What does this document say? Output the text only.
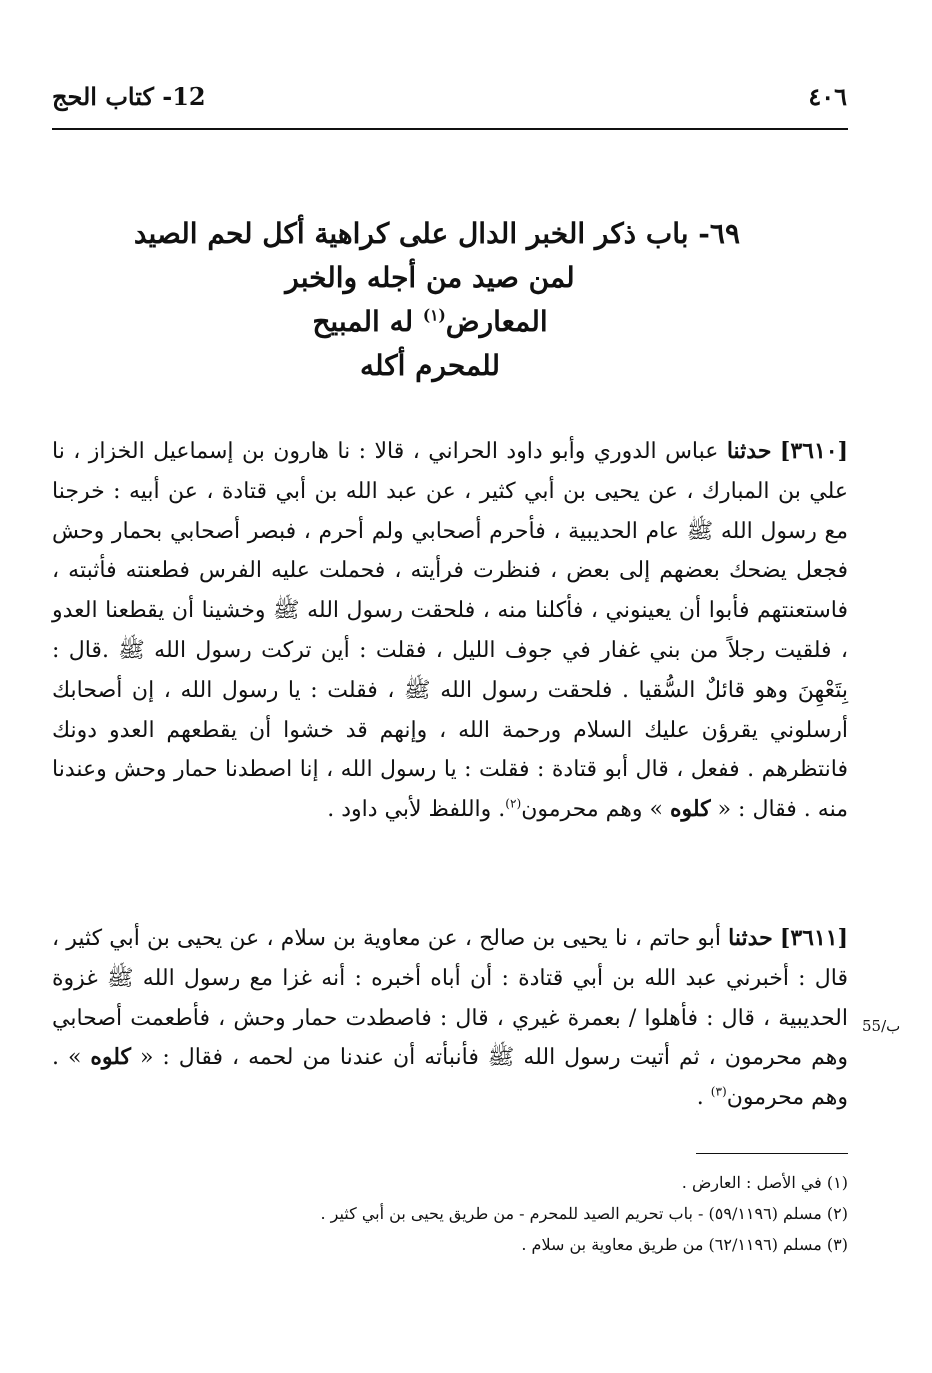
٤٠٦
12- كتاب الحج
٦٩- باب ذكر الخبر الدال على كراهية أكل لحم الصيد
لمن صيد من أجله والخبر
المعارض$^{(١)}$ له المبيح
للمحرم أكله
[٣٦١٠] حدثنا عباس الدوري وأبو داود الحراني ، قالا : نا هارون بن إسماعيل الخزاز ، نا علي بن المبارك ، عن يحيى بن أبي كثير ، عن عبد الله بن أبي قتادة ، عن أبيه : خرجنا مع رسول الله ﷺ عام الحديبية ، فأحرم أصحابي ولم أحرم ، فبصر أصحابي بحمار وحش فجعل يضحك بعضهم إلى بعض ، فنظرت فرأيته ، فحملت عليه الفرس فطعنته فأثبته ، فاستعنتهم فأبوا أن يعينوني ، فأكلنا منه ، فلحقت رسول الله ﷺ وخشينا أن يقطعنا العدو ، فلقيت رجلاً من بني غفار في جوف الليل ، فقلت : أين تركت رسول الله ﷺ .قال : بِتَعْهِنَ وهو قائلٌ السُّقيا . فلحقت رسول الله ﷺ ، فقلت : يا رسول الله ، إن أصحابك أرسلوني يقرؤن عليك السلام ورحمة الله ، وإنهم قد خشوا أن يقطعهم العدو دونك فانتظرهم . ففعل ، قال أبو قتادة : فقلت : يا رسول الله ، إنا اصطدنا حمار وحش وعندنا منه . فقال : « كلوه » وهم محرمون$^{(٢)}$. واللفظ لأبي داود .
[٣٦١١] حدثنا أبو حاتم ، نا يحيى بن صالح ، عن معاوية بن سلام ، عن يحيى بن أبي كثير ، قال : أخبرني عبد الله بن أبي قتادة : أن أباه أخبره : أنه غزا مع رسول الله ﷺ غزوة الحديبية ، قال : فأهلوا / بعمرة غيري ، قال : فاصطدت حمار وحش ، فأطعمت أصحابي وهم محرمون ، ثم أتيت رسول الله ﷺ فأنبأته أن عندنا من لحمه ، فقال : « كلوه » . وهم محرمون$^{(٣)}$ .
55/ب
(١) في الأصل : العارض .
(٢) مسلم (٥٩/١١٩٦) - باب تحريم الصيد للمحرم - من طريق يحيى بن أبي كثير .
(٣) مسلم (٦٢/١١٩٦) من طريق معاوية بن سلام .
